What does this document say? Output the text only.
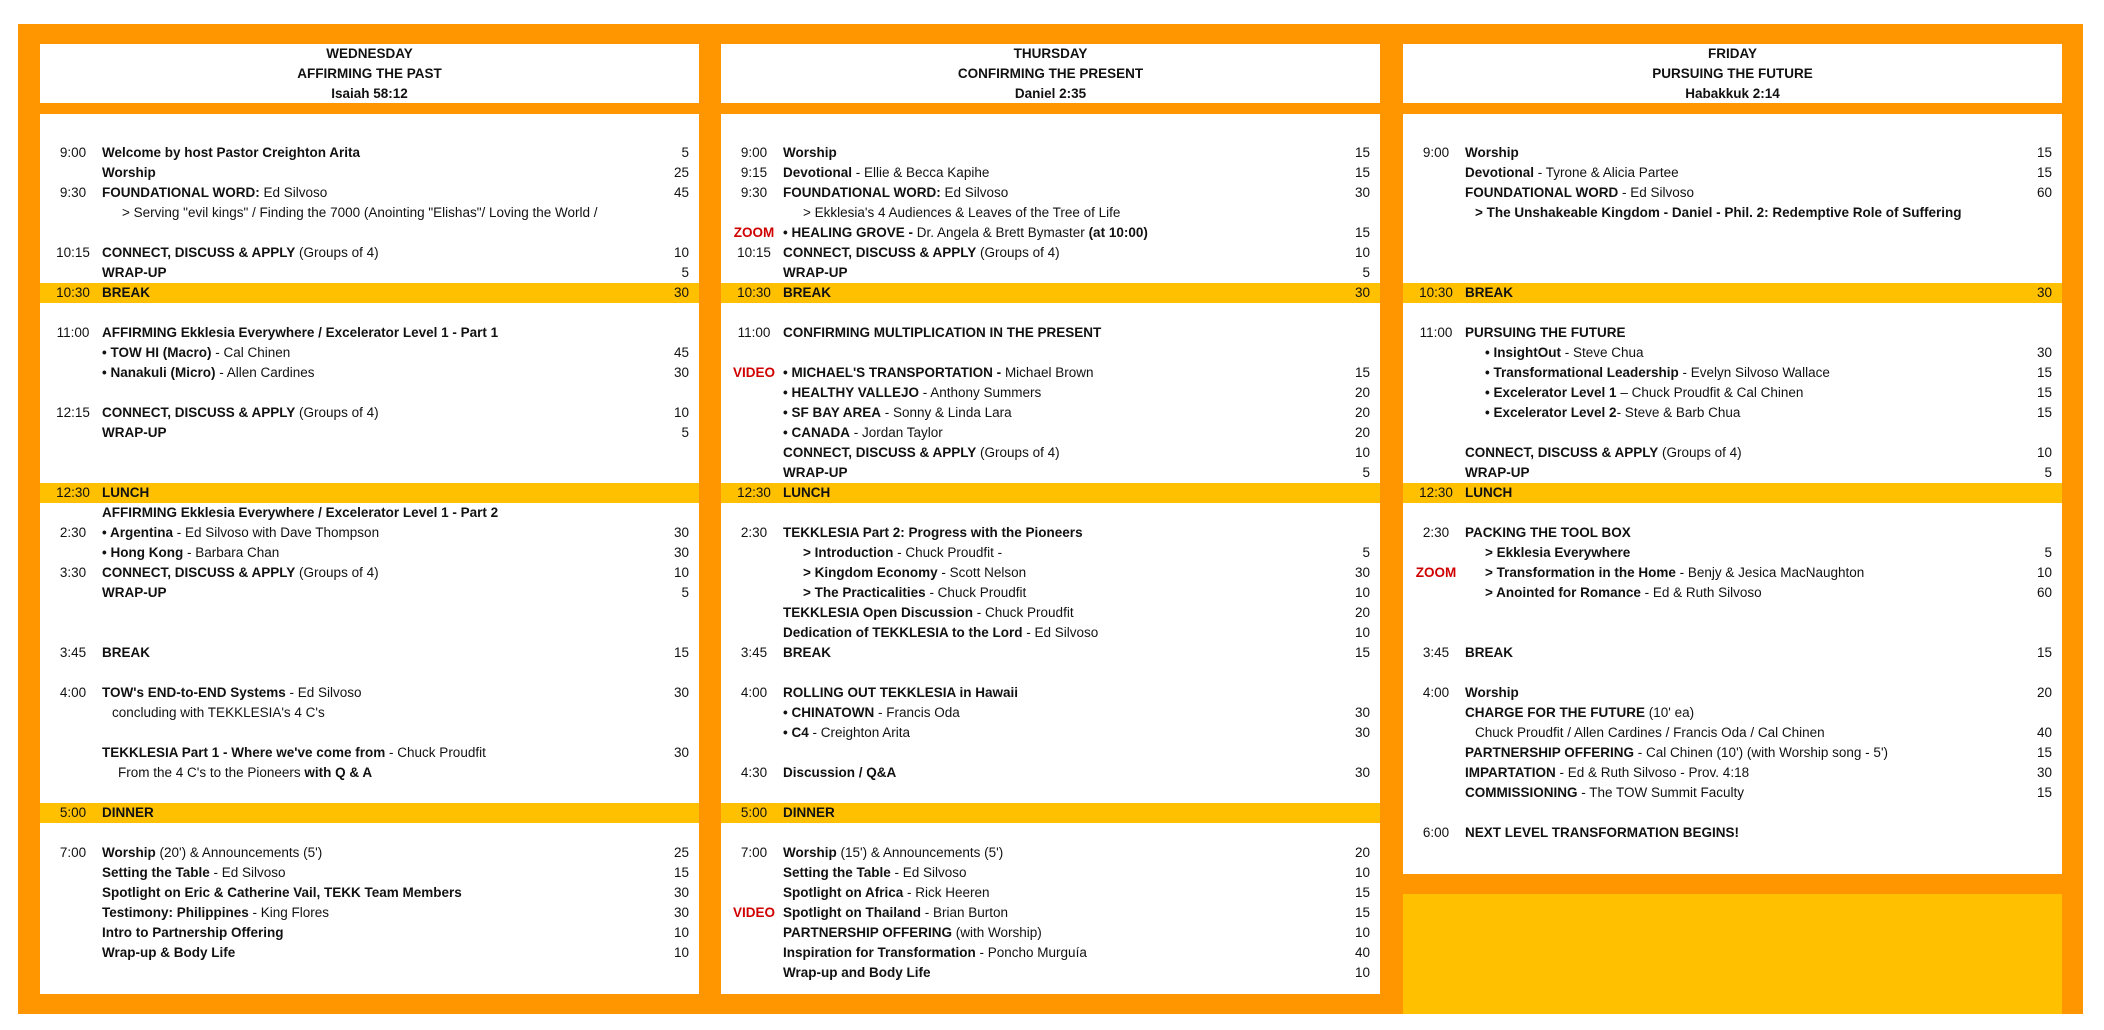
WEDNESDAY
AFFIRMING THE PAST
Isaiah 58:12
9:00	Welcome by host Pastor Creighton Arita	5
Worship	25
9:30	FOUNDATIONAL WORD: Ed Silvoso	45
> Serving "evil kings" / Finding the 7000 (Anointing "Elishas"/ Loving the World /
10:15 CONNECT, DISCUSS & APPLY (Groups of 4)	10
WRAP-UP	5
10:30 BREAK	30
11:00 AFFIRMING Ekklesia Everywhere / Excelerator Level 1 - Part 1
• TOW HI (Macro) - Cal Chinen	45
• Nanakuli (Micro) - Allen Cardines	30
12:15 CONNECT, DISCUSS & APPLY (Groups of 4)	10
WRAP-UP	5
12:30 LUNCH
AFFIRMING Ekklesia Everywhere / Excelerator Level 1 - Part 2
2:30	• Argentina - Ed Silvoso with Dave Thompson	30
• Hong Kong - Barbara Chan	30
3:30	CONNECT, DISCUSS & APPLY (Groups of 4)	10
WRAP-UP	5
3:45	BREAK	15
4:00	TOW's END-to-END Systems - Ed Silvoso	30
concluding with TEKKLESIA's 4 C's
TEKKLESIA Part 1 - Where we've come from - Chuck Proudfit	30
From the 4 C's to the Pioneers with Q & A
5:00	DINNER
7:00	Worship (20') & Announcements (5')	25
Setting the Table - Ed Silvoso	15
Spotlight on Eric & Catherine Vail, TEKK Team Members	30
Testimony: Philippines - King Flores	30
Intro to Partnership Offering	10
Wrap-up & Body Life	10
THURSDAY
CONFIRMING THE PRESENT
Daniel 2:35
9:00	Worship	15
9:15	Devotional - Ellie & Becca Kapihe	15
9:30	FOUNDATIONAL WORD: Ed Silvoso	30
> Ekklesia's 4 Audiences & Leaves of the Tree of Life
ZOOM • HEALING GROVE - Dr. Angela & Brett Bymaster (at 10:00)	15
10:15 CONNECT, DISCUSS & APPLY (Groups of 4)	10
WRAP-UP	5
10:30 BREAK	30
11:00 CONFIRMING MULTIPLICATION IN THE PRESENT
VIDEO • MICHAEL'S TRANSPORTATION - Michael Brown	15
• HEALTHY VALLEJO - Anthony Summers	20
• SF BAY AREA - Sonny & Linda Lara	20
• CANADA - Jordan Taylor	20
CONNECT, DISCUSS & APPLY (Groups of 4)	10
WRAP-UP	5
12:30 LUNCH
2:30	TEKKLESIA Part 2: Progress with the Pioneers
> Introduction - Chuck Proudfit -	5
> Kingdom Economy - Scott Nelson	30
> The Practicalities - Chuck Proudfit	10
TEKKLESIA Open Discussion - Chuck Proudfit	20
Dedication of TEKKLESIA to the Lord - Ed Silvoso	10
3:45	BREAK	15
4:00	ROLLING OUT TEKKLESIA in Hawaii
• CHINATOWN - Francis Oda	30
• C4 - Creighton Arita	30
4:30	Discussion / Q&A	30
5:00	DINNER
7:00	Worship (15') & Announcements (5')	20
Setting the Table - Ed Silvoso	10
Spotlight on Africa - Rick Heeren	15
VIDEO Spotlight on Thailand - Brian Burton	15
PARTNERSHIP OFFERING (with Worship)	10
Inspiration for Transformation - Poncho Murguía	40
Wrap-up and Body Life	10
FRIDAY
PURSUING THE FUTURE
Habakkuk 2:14
9:00	Worship	15
Devotional - Tyrone & Alicia Partee	15
FOUNDATIONAL WORD - Ed Silvoso	60
> The Unshakeable Kingdom - Daniel - Phil. 2: Redemptive Role of Suffering
10:30 BREAK	30
11:00 PURSUING THE FUTURE
• InsightOut - Steve Chua	30
• Transformational Leadership - Evelyn Silvoso Wallace	15
• Excelerator Level 1 – Chuck Proudfit & Cal Chinen	15
• Excelerator Level 2- Steve & Barb Chua	15
CONNECT, DISCUSS & APPLY (Groups of 4)	10
WRAP-UP	5
12:30 LUNCH
2:30	PACKING THE TOOL BOX
> Ekklesia Everywhere	5
ZOOM	> Transformation in the Home - Benjy & Jesica MacNaughton	10
> Anointed for Romance - Ed & Ruth Silvoso	60
3:45	BREAK	15
4:00	Worship	20
CHARGE FOR THE FUTURE (10' ea)
Chuck Proudfit / Allen Cardines / Francis Oda / Cal Chinen	40
PARTNERSHIP OFFERING - Cal Chinen (10') (with Worship song - 5')	15
IMPARTATION - Ed & Ruth Silvoso - Prov. 4:18	30
COMMISSIONING - The TOW Summit Faculty	15
6:00	NEXT LEVEL TRANSFORMATION BEGINS!
